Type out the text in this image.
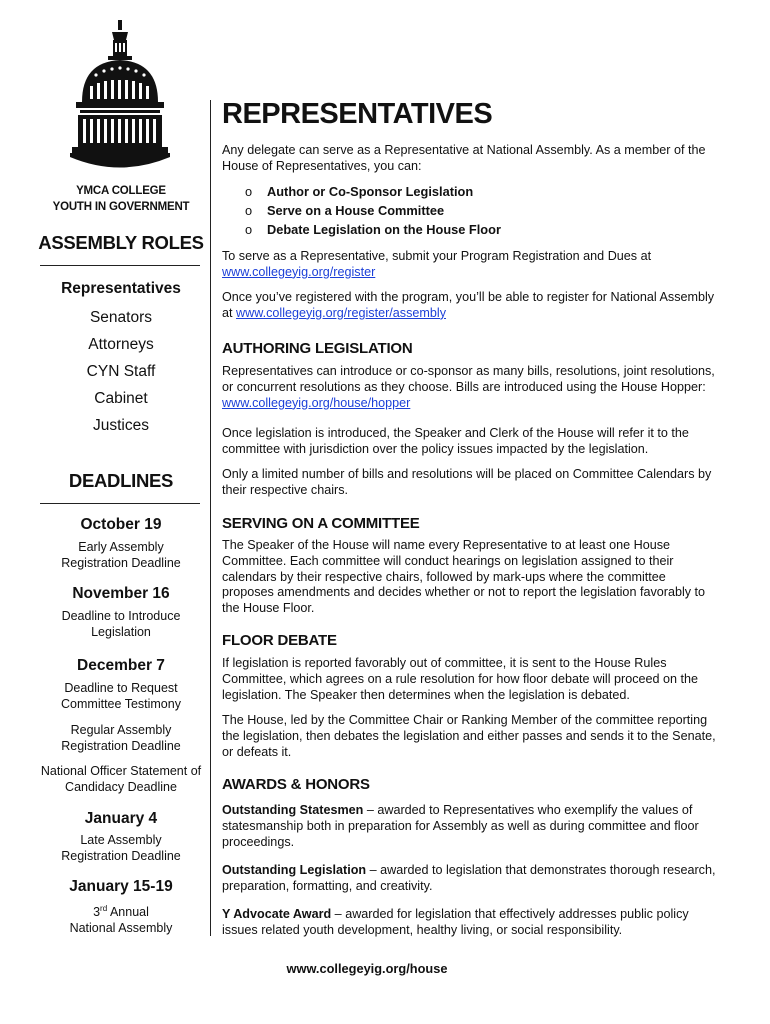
YMCA COLLEGE
YOUTH IN GOVERNMENT
ASSEMBLY ROLES
Representatives
Senators
Attorneys
CYN Staff
Cabinet
Justices
DEADLINES
October 19
Early Assembly Registration Deadline
November 16
Deadline to Introduce Legislation
December 7
Deadline to Request Committee Testimony
Regular Assembly Registration Deadline
National Officer Statement of Candidacy Deadline
January 4
Late Assembly Registration Deadline
January 15-19
3rd Annual
National Assembly
REPRESENTATIVES
Any delegate can serve as a Representative at National Assembly. As a member of the House of Representatives, you can:
o Author or Co-Sponsor Legislation
o Serve on a House Committee
o Debate Legislation on the House Floor
To serve as a Representative, submit your Program Registration and Dues at www.collegeyig.org/register
Once you’ve registered with the program, you’ll be able to register for National Assembly at www.collegeyig.org/register/assembly
AUTHORING LEGISLATION
Representatives can introduce or co-sponsor as many bills, resolutions, joint resolutions, or concurrent resolutions as they choose. Bills are introduced using the House Hopper: www.collegeyig.org/house/hopper
Once legislation is introduced, the Speaker and Clerk of the House will refer it to the committee with jurisdiction over the policy issues impacted by the legislation.
Only a limited number of bills and resolutions will be placed on Committee Calendars by their respective chairs.
SERVING ON A COMMITTEE
The Speaker of the House will name every Representative to at least one House Committee. Each committee will conduct hearings on legislation assigned to their calendars by their respective chairs, followed by mark-ups where the committee proposes amendments and decides whether or not to report the legislation favorably to the House Floor.
FLOOR DEBATE
If legislation is reported favorably out of committee, it is sent to the House Rules Committee, which agrees on a rule resolution for how floor debate will proceed on the legislation. The Speaker then determines when the legislation is debated.
The House, led by the Committee Chair or Ranking Member of the committee reporting the legislation, then debates the legislation and either passes and sends it to the Senate, or defeats it.
AWARDS & HONORS
Outstanding Statesmen – awarded to Representatives who exemplify the values of statesmanship both in preparation for Assembly as well as during committee and floor proceedings.
Outstanding Legislation – awarded to legislation that demonstrates thorough research, preparation, formatting, and creativity.
Y Advocate Award – awarded for legislation that effectively addresses public policy issues related youth development, healthy living, or social responsibility.
www.collegeyig.org/house
